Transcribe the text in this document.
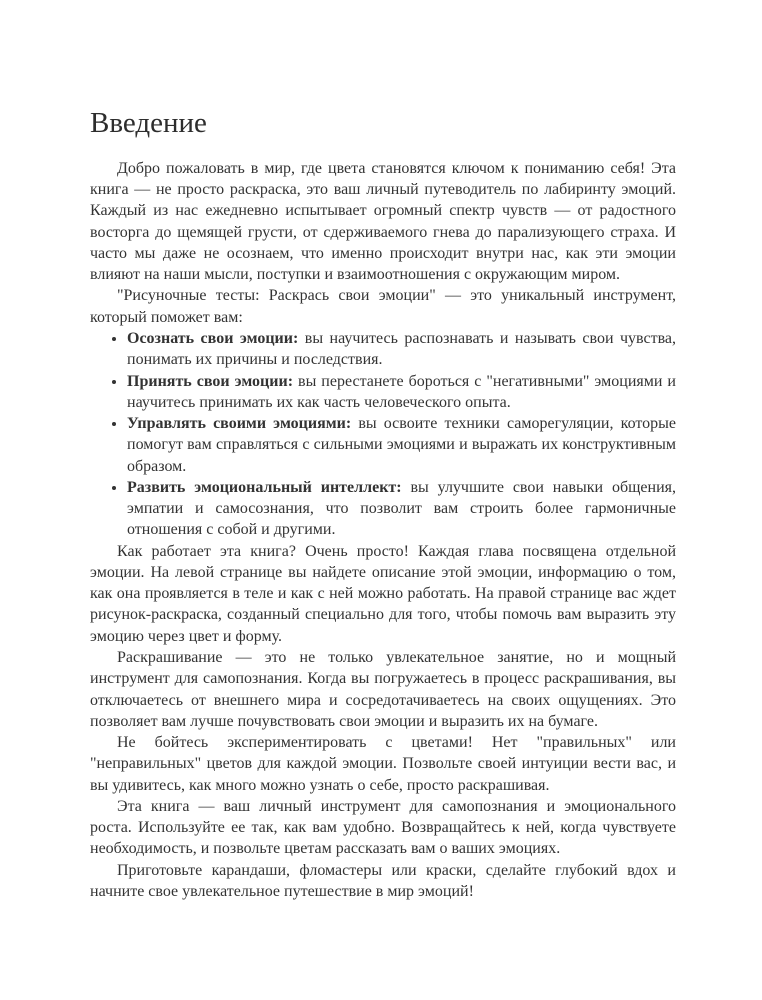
Введение

Добро пожаловать в мир, где цвета становятся ключом к пониманию себя! Эта книга — не просто раскраска, это ваш личный путеводитель по лабиринту эмоций. Каждый из нас ежедневно испытывает огромный спектр чувств — от радостного восторга до щемящей грусти, от сдерживаемого гнева до парализующего страха. И часто мы даже не осознаем, что именно происходит внутри нас, как эти эмоции влияют на наши мысли, поступки и взаимоотношения с окружающим миром.

"Рисуночные тесты: Раскрась свои эмоции" — это уникальный инструмент, который поможет вам:

• Осознать свои эмоции: вы научитесь распознавать и называть свои чувства, понимать их причины и последствия.
• Принять свои эмоции: вы перестанете бороться с "негативными" эмоциями и научитесь принимать их как часть человеческого опыта.
• Управлять своими эмоциями: вы освоите техники саморегуляции, которые помогут вам справляться с сильными эмоциями и выражать их конструктивным образом.
• Развить эмоциональный интеллект: вы улучшите свои навыки общения, эмпатии и самосознания, что позволит вам строить более гармоничные отношения с собой и другими.

Как работает эта книга? Очень просто! Каждая глава посвящена отдельной эмоции. На левой странице вы найдете описание этой эмоции, информацию о том, как она проявляется в теле и как с ней можно работать. На правой странице вас ждет рисунок-раскраска, созданный специально для того, чтобы помочь вам выразить эту эмоцию через цвет и форму.

Раскрашивание — это не только увлекательное занятие, но и мощный инструмент для самопознания. Когда вы погружаетесь в процесс раскрашивания, вы отключаетесь от внешнего мира и сосредотачиваетесь на своих ощущениях. Это позволяет вам лучше почувствовать свои эмоции и выразить их на бумаге.

Не бойтесь экспериментировать с цветами! Нет "правильных" или "неправильных" цветов для каждой эмоции. Позвольте своей интуиции вести вас, и вы удивитесь, как много можно узнать о себе, просто раскрашивая.

Эта книга — ваш личный инструмент для самопознания и эмоционального роста. Используйте ее так, как вам удобно. Возвращайтесь к ней, когда чувствуете необходимость, и позвольте цветам рассказать вам о ваших эмоциях.

Приготовьте карандаши, фломастеры или краски, сделайте глубокий вдох и начните свое увлекательное путешествие в мир эмоций!
